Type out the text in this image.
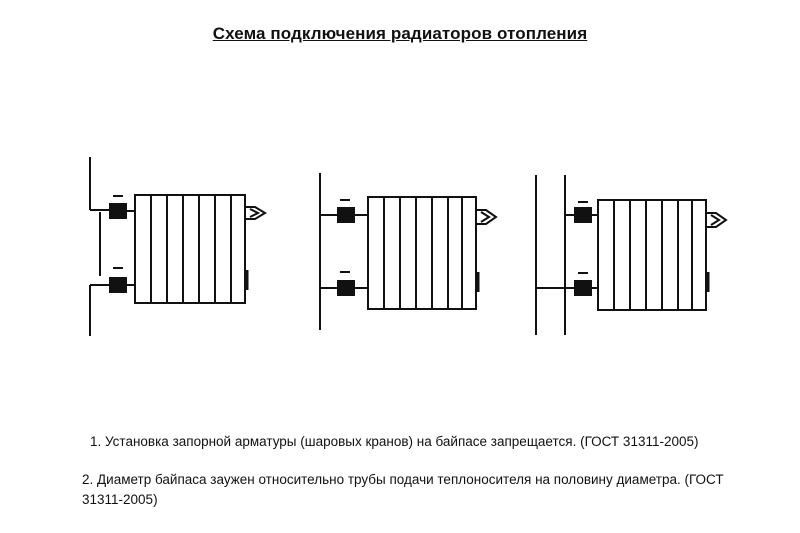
Схема подключения радиаторов отопления
1. Установка запорной арматуры (шаровых кранов) на байпасе запрещается. (ГОСТ 31311-2005)
2. Диаметр байпаса заужен относительно трубы подачи теплоносителя на половину диаметра. (ГОСТ 31311-2005)
